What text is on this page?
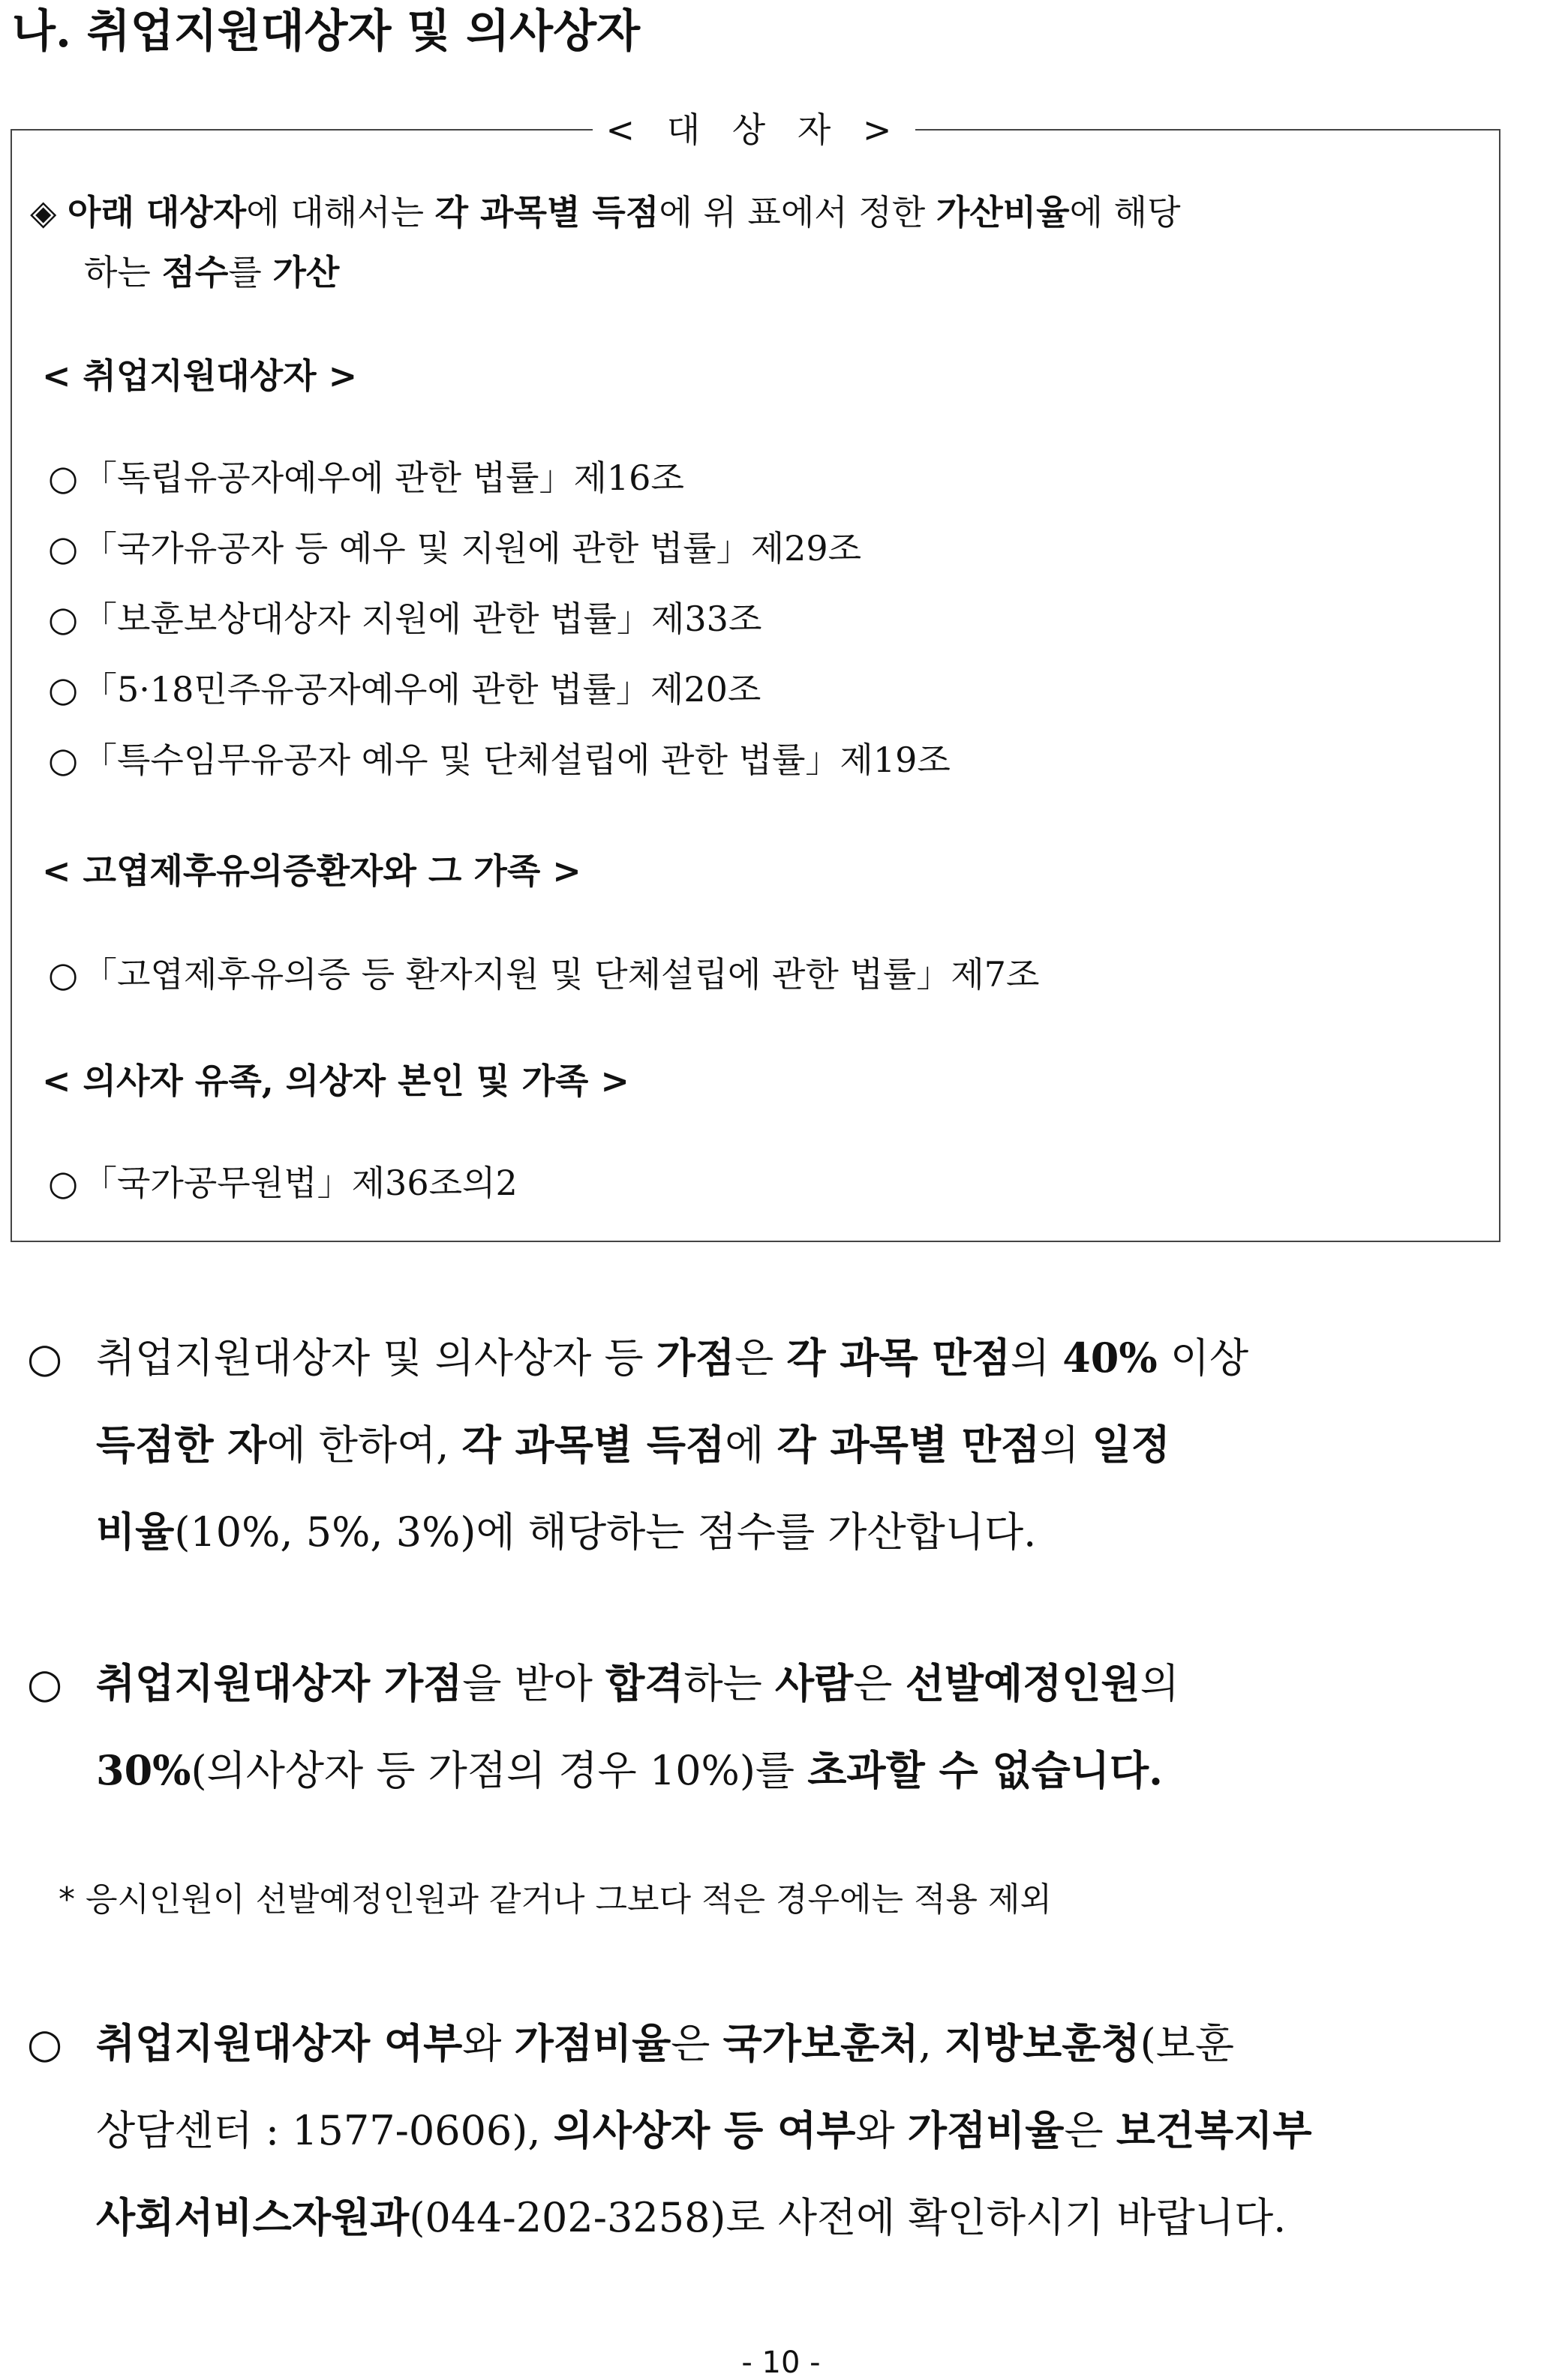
나. 취업지원대상자 및 의사상자
< 대 상 자 >
◈ 아래 대상자에 대해서는 각 과목별 득점에 위 표에서 정한 가산비율에 해당
하는 점수를 가산
< 취업지원대상자 >
○ 「독립유공자예우에 관한 법률」제16조
○ 「국가유공자 등 예우 및 지원에 관한 법률」제29조
○ 「보훈보상대상자 지원에 관한 법률」제33조
○ 「5·18민주유공자예우에 관한 법률」제20조
○ 「특수임무유공자 예우 및 단체설립에 관한 법률」제19조
< 고엽제후유의증환자와 그 가족 >
○ 「고엽제후유의증 등 환자지원 및 단체설립에 관한 법률」제7조
< 의사자 유족, 의상자 본인 및 가족 >
○ 「국가공무원법」제36조의2
○ 취업지원대상자 및 의사상자 등 가점은 각 과목 만점의 40% 이상
득점한 자에 한하여, 각 과목별 득점에 각 과목별 만점의 일정
비율(10%, 5%, 3%)에 해당하는 점수를 가산합니다.
○ 취업지원대상자 가점을 받아 합격하는 사람은 선발예정인원의
30%(의사상자 등 가점의 경우 10%)를 초과할 수 없습니다.
* 응시인원이 선발예정인원과 같거나 그보다 적은 경우에는 적용 제외
○ 취업지원대상자 여부와 가점비율은 국가보훈처, 지방보훈청(보훈
상담센터 : 1577-0606), 의사상자 등 여부와 가점비율은 보건복지부
사회서비스자원과(044-202-3258)로 사전에 확인하시기 바랍니다.
- 10 -
